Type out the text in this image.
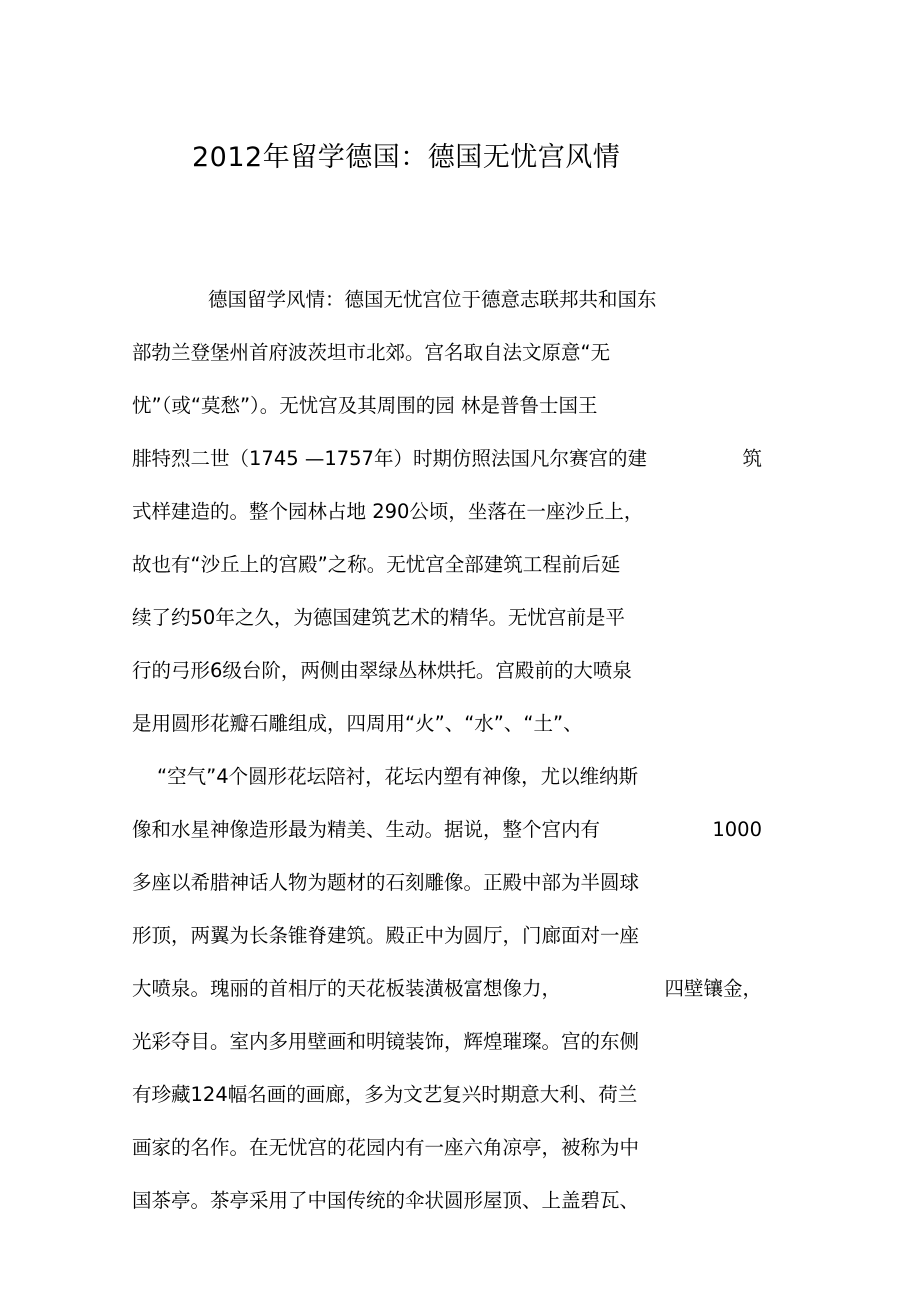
2012年留学德国：德国无忧宫风情
德国留学风情：德国无忧宫位于德意志联邦共和国东
部勃兰登堡州首府波茨坦市北郊。宫名取自法文原意“无
忧”（或“莫愁”）。无忧宫及其周围的园 林是普鲁士国王
腓特烈二世（1745 —1757年）时期仿照法国凡尔赛宫的建	筑
式样建造的。整个园林占地 290公顷，坐落在一座沙丘上，
故也有“沙丘上的宫殿”之称。无忧宫全部建筑工程前后延
续了约50年之久，为德国建筑艺术的精华。无忧宫前是平
行的弓形6级台阶，两侧由翠绿丛林烘托。宫殿前的大喷泉
是用圆形花瓣石雕组成，四周用“火”、“水”、“土”、
“空气”4个圆形花坛陪衬，花坛内塑有神像，尤以维纳斯
像和水星神像造形最为精美、生动。据说，整个宫内有	1000
多座以希腊神话人物为题材的石刻雕像。正殿中部为半圆球
形顶，两翼为长条锥脊建筑。殿正中为圆厅，门廊面对一座
大喷泉。瑰丽的首相厅的天花板装潢极富想像力，	四壁镶金，
光彩夺目。室内多用壁画和明镜装饰，辉煌璀璨。宫的东侧
有珍藏124幅名画的画廊，多为文艺复兴时期意大利、荷兰
画家的名作。在无忧宫的花园内有一座六角凉亭，被称为中
国茶亭。茶亭采用了中国传统的伞状圆形屋顶、上盖碧瓦、
